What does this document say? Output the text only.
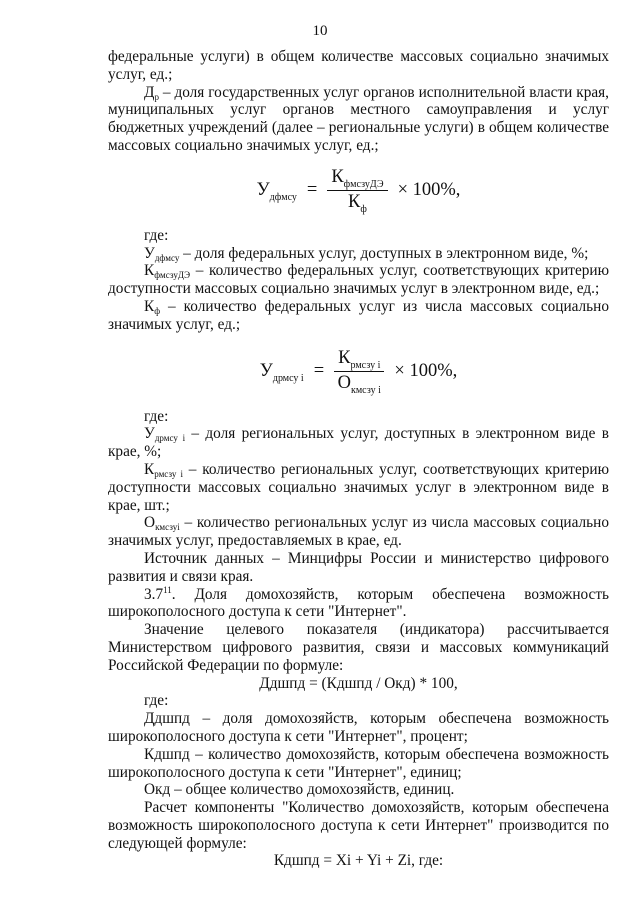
10

федеральные услуги) в общем количестве массовых социально значимых услуг, ед.;

$Д_р$ – доля государственных услуг органов исполнительной власти края, муниципальных услуг органов местного самоуправления и услуг бюджетных учреждений (далее – региональные услуги) в общем количестве массовых социально значимых услуг, ед.;

$У_{дфмсу} = \frac{К_{фмсзуДЭ}}{К_ф} \times 100\%$,

где:

$У_{дфмсу}$ – доля федеральных услуг, доступных в электронном виде, %;

$К_{фмсзуДЭ}$ – количество федеральных услуг, соответствующих критерию доступности массовых социально значимых услуг в электронном виде, ед.;

$К_ф$ – количество федеральных услуг из числа массовых социально значимых услуг, ед.;

$У_{дрмсу i} = \frac{К_{рмсзу i}}{О_{кмсзу i}} \times 100\%$,

где:

$У_{дрмсу i}$ – доля региональных услуг, доступных в электронном виде в крае, %;

$К_{рмсзу i}$ – количество региональных услуг, соответствующих критерию доступности массовых социально значимых услуг в электронном виде в крае, шт.;

$О_{кмсзуi}$ – количество региональных услуг из числа массовых социально значимых услуг, предоставляемых в крае, ед.

Источник данных – Минцифры России и министерство цифрового развития и связи края.

$3.7^{11}$. Доля домохозяйств, которым обеспечена возможность широкополосного доступа к сети "Интернет".

Значение целевого показателя (индикатора) рассчитывается Министерством цифрового развития, связи и массовых коммуникаций Российской Федерации по формуле:

Ддшпд = (Кдшпд / Окд) * 100,

где:

Ддшпд – доля домохозяйств, которым обеспечена возможность широкополосного доступа к сети "Интернет", процент;

Кдшпд – количество домохозяйств, которым обеспечена возможность широкополосного доступа к сети "Интернет", единиц;

Окд – общее количество домохозяйств, единиц.

Расчет компоненты "Количество домохозяйств, которым обеспечена возможность широкополосного доступа к сети Интернет" производится по следующей формуле:

Кдшпд = Xi + Yi + Zi, где:
